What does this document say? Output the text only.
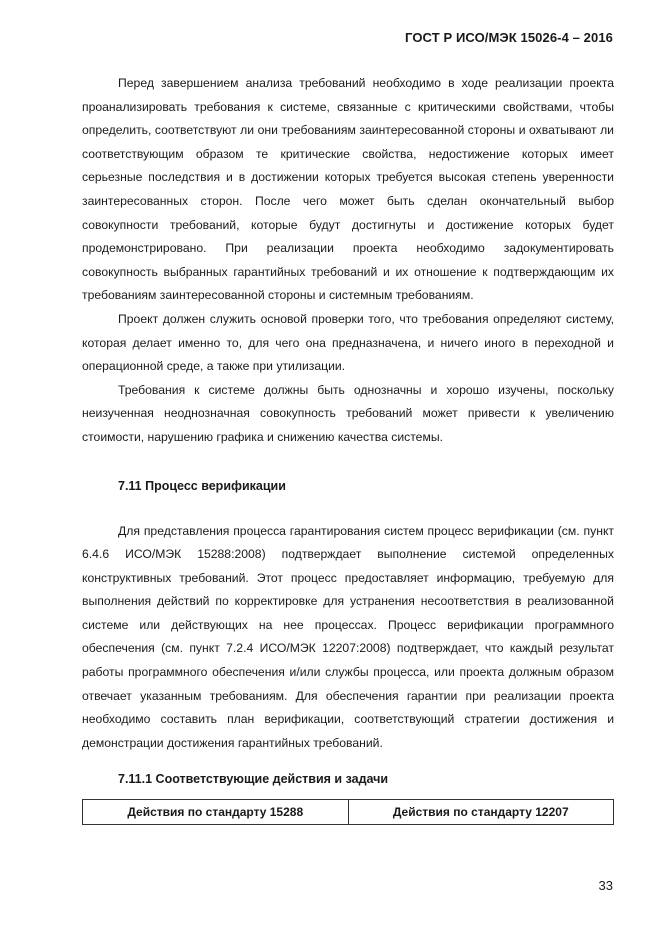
ГОСТ Р ИСО/МЭК 15026-4 – 2016

Перед завершением анализа требований необходимо в ходе реализации проекта проанализировать требования к системе, связанные с критическими свойствами, чтобы определить, соответствуют ли они требованиям заинтересованной стороны и охватывают ли соответствующим образом те критические свойства, недостижение которых имеет серьезные последствия и в достижении которых требуется высокая степень уверенности заинтересованных сторон. После чего может быть сделан окончательный выбор совокупности требований, которые будут достигнуты и достижение которых будет продемонстрировано. При реализации проекта необходимо задокументировать совокупность выбранных гарантийных требований и их отношение к подтверждающим их требованиям заинтересованной стороны и системным требованиям.

Проект должен служить основой проверки того, что требования определяют систему, которая делает именно то, для чего она предназначена, и ничего иного в переходной и операционной среде, а также при утилизации.

Требования к системе должны быть однозначны и хорошо изучены, поскольку неизученная неоднозначная совокупность требований может привести к увеличению стоимости, нарушению графика и снижению качества системы.

7.11 Процесс верификации

Для представления процесса гарантирования систем процесс верификации (см. пункт 6.4.6 ИСО/МЭК 15288:2008) подтверждает выполнение системой определенных конструктивных требований. Этот процесс предоставляет информацию, требуемую для выполнения действий по корректировке для устранения несоответствия в реализованной системе или действующих на нее процессах. Процесс верификации программного обеспечения (см. пункт 7.2.4 ИСО/МЭК 12207:2008) подтверждает, что каждый результат работы программного обеспечения и/или службы процесса, или проекта должным образом отвечает указанным требованиям. Для обеспечения гарантии при реализации проекта необходимо составить план верификации, соответствующий стратегии достижения и демонстрации достижения гарантийных требований.

7.11.1 Соответствующие действия и задачи
Действия по стандарту 15288	Действия по стандарту 12207
33
